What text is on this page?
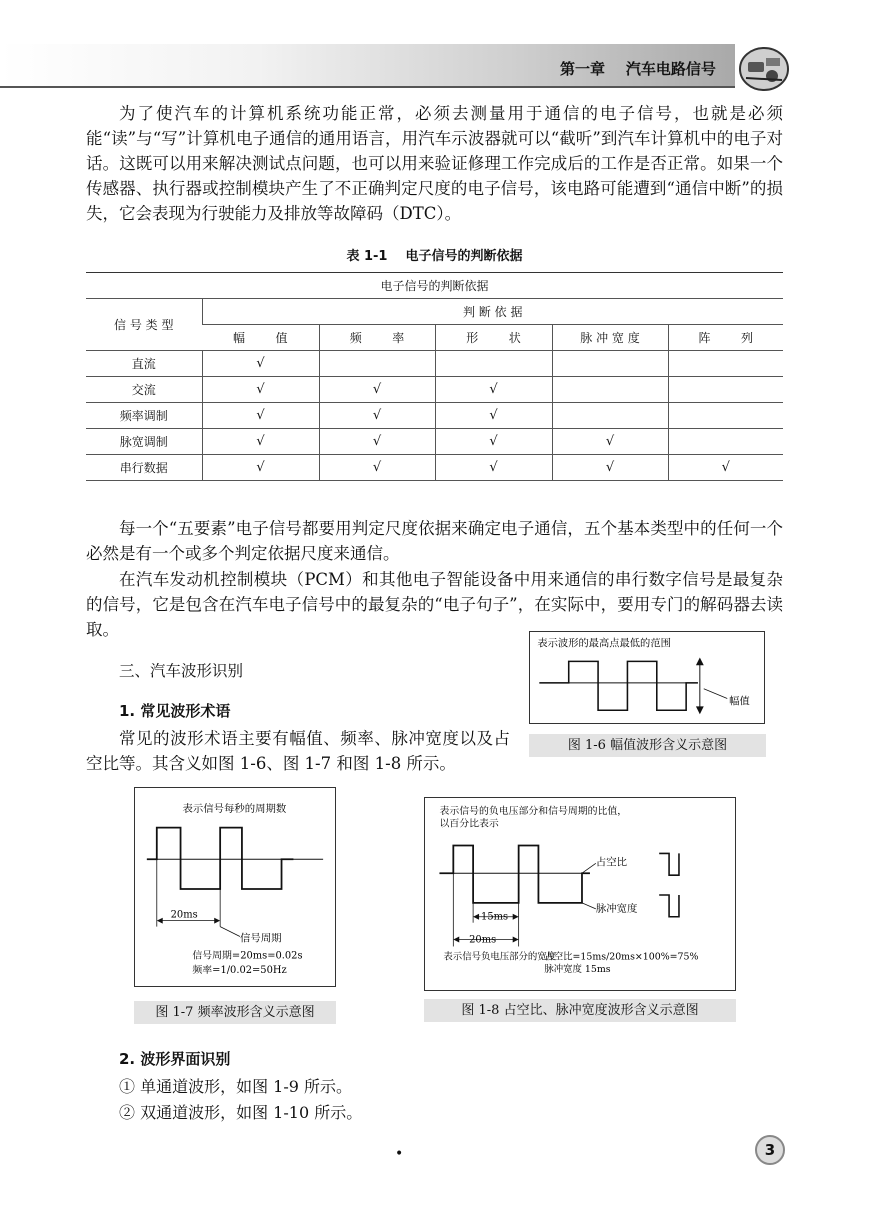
第一章    汽车电路信号
为了使汽车的计算机系统功能正常，必须去测量用于通信的电子信号，也就是必须能“读”与“写”计算机电子通信的通用语言，用汽车示波器就可以“截听”到汽车计算机中的电子对话。这既可以用来解决测试点问题，也可以用来验证修理工作完成后的工作是否正常。如果一个传感器、执行器或控制模块产生了不正确判定尺度的电子信号，该电路可能遭到“通信中断”的损失，它会表现为行驶能力及排放等故障码（DTC）。
表 1-1    电子信号的判断依据
电子信号的判断依据					
信 号 类 型	判 断 依 据				
	幅        值	频        率	形        状	脉 冲 宽 度	阵        列
直流	√				
交流	√	√	√		
频率调制	√	√	√		
脉宽调制	√	√	√	√	
串行数据	√	√	√	√	√
每一个“五要素”电子信号都要用判定尺度依据来确定电子通信，五个基本类型中的任何一个必然是有一个或多个判定依据尺度来通信。
在汽车发动机控制模块（PCM）和其他电子智能设备中用来通信的串行数字信号是最复杂的信号，它是包含在汽车电子信号中的最复杂的“电子句子”，在实际中，要用专门的解码器去读取。
三、汽车波形识别
1. 常见波形术语
常见的波形术语主要有幅值、频率、脉冲宽度以及占空比等。其含义如图 1-6、图 1-7 和图 1-8 所示。
表示波形的最高点最低的范围
幅值
图 1-6 幅值波形含义示意图
表示信号每秒的周期数
20ms
信号周期
信号周期=20ms=0.02s
频率=1/0.02=50Hz
图 1-7 频率波形含义示意图
表示信号的负电压部分和信号周期的比值，
以百分比表示
15ms
20ms
占空比
脉冲宽度
表示信号负电压部分的宽度
占空比=15ms/20ms×100%=75%
脉冲宽度 15ms
图 1-8 占空比、脉冲宽度波形含义示意图
2. 波形界面识别
① 单通道波形，如图 1-9 所示。
② 双通道波形，如图 1-10 所示。
•	3
